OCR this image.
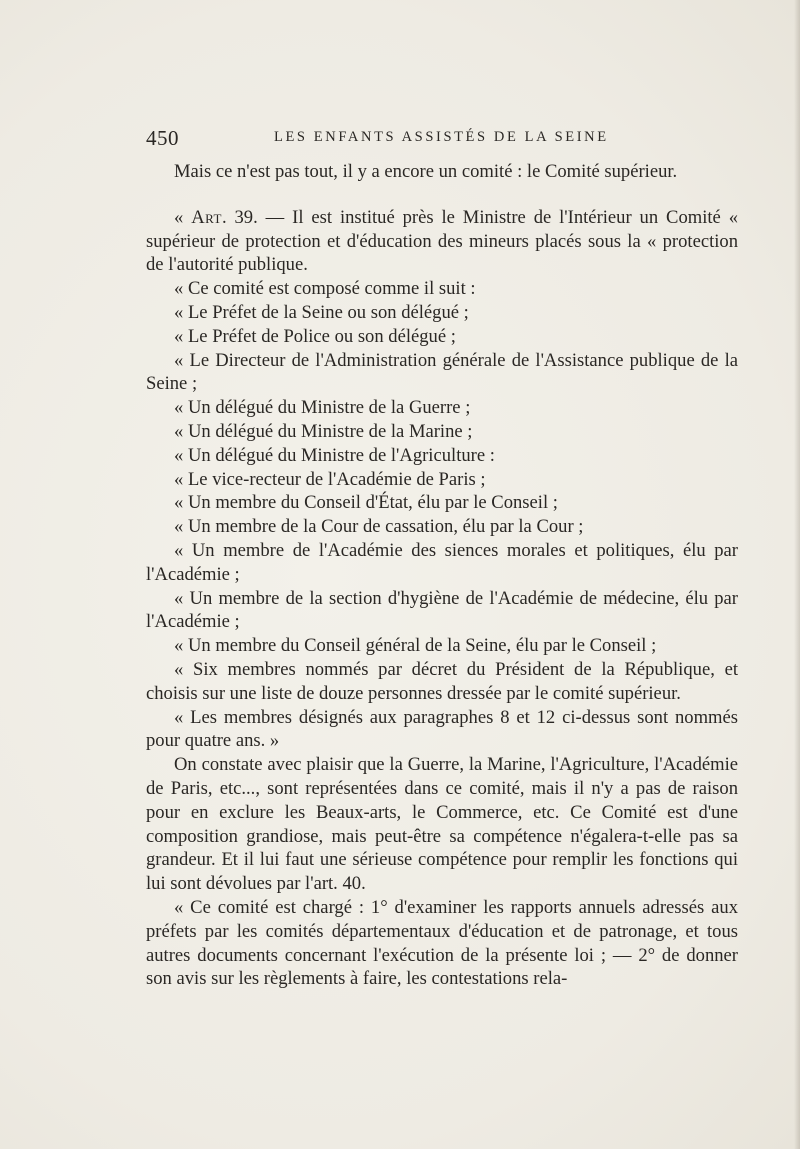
450	LES ENFANTS ASSISTÉS DE LA SEINE

Mais ce n'est pas tout, il y a encore un comité : le Comité supérieur.

« Art. 39. — Il est institué près le Ministre de l'Intérieur un Comité « supérieur de protection et d'éducation des mineurs placés sous la « protection de l'autorité publique.

« Ce comité est composé comme il suit :

« Le Préfet de la Seine ou son délégué ;

« Le Préfet de Police ou son délégué ;

« Le Directeur de l'Administration générale de l'Assistance publique de la Seine ;

« Un délégué du Ministre de la Guerre ;

« Un délégué du Ministre de la Marine ;

« Un délégué du Ministre de l'Agriculture :

« Le vice-recteur de l'Académie de Paris ;

« Un membre du Conseil d'État, élu par le Conseil ;

« Un membre de la Cour de cassation, élu par la Cour ;

« Un membre de l'Académie des siences morales et politiques, élu par l'Académie ;

« Un membre de la section d'hygiène de l'Académie de médecine, élu par l'Académie ;

« Un membre du Conseil général de la Seine, élu par le Conseil ;

« Six membres nommés par décret du Président de la République, et choisis sur une liste de douze personnes dressée par le comité supérieur.

« Les membres désignés aux paragraphes 8 et 12 ci-dessus sont nommés pour quatre ans. »

On constate avec plaisir que la Guerre, la Marine, l'Agriculture, l'Académie de Paris, etc..., sont représentées dans ce comité, mais il n'y a pas de raison pour en exclure les Beaux-arts, le Commerce, etc. Ce Comité est d'une composition grandiose, mais peut-être sa compétence n'égalera-t-elle pas sa grandeur. Et il lui faut une sérieuse compétence pour remplir les fonctions qui lui sont dévolues par l'art. 40.

« Ce comité est chargé : 1° d'examiner les rapports annuels adressés aux préfets par les comités départementaux d'éducation et de patronage, et tous autres documents concernant l'exécution de la présente loi ; — 2° de donner son avis sur les règlements à faire, les contestations rela-
